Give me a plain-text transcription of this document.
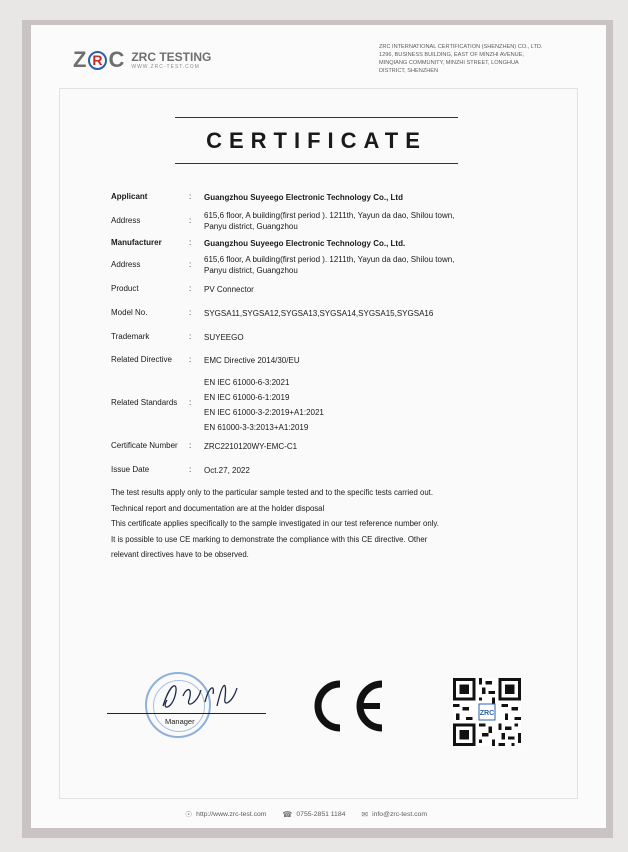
Z R C ZRC TESTING
WWW.ZRC-TEST.COM
ZRC INTERNATIONAL CERTIFICATION (SHENZHEN) CO., LTD.
1296, BUSINESS BUILDING, EAST OF MINZHI AVENUE,
MINQIANG COMMUNITY, MINZHI STREET, LONGHUA
DISTRICT, SHENZHEN
CERTIFICATE
Applicant	: Guangzhou Suyeego Electronic Technology Co., Ltd
Address	:
615,6 floor, A building(first period ). 1211th, Yayun da dao, Shilou town,
Panyu district, Guangzhou
Manufacturer	: Guangzhou Suyeego Electronic Technology Co., Ltd.
Address	:
615,6 floor, A building(first period ). 1211th, Yayun da dao, Shilou town,
Panyu district, Guangzhou
Product	: PV Connector
Model No.	: SYGSA11,SYGSA12,SYGSA13,SYGSA14,SYGSA15,SYGSA16
Trademark	: SUYEEGO
Related Directive	: EMC Directive 2014/30/EU
Related Standards	:
EN IEC 61000-6-3:2021
EN IEC 61000-6-1:2019
EN IEC 61000-3-2:2019+A1:2021
EN 61000-3-3:2013+A1:2019
Certificate Number	: ZRC2210120WY-EMC-C1
Issue Date	: Oct.27, 2022
The test results apply only to the particular sample tested and to the specific tests carried out.
Technical report and documentation are at the holder disposal
This certificate applies specifically to the sample investigated in our test reference number only.
It is possible to use CE marking to demonstrate the compliance with this CE directive. Other
relevant directives have to be observed.
Manager
ZRC
☉ http://www.zrc-test.com ☎ 0755-2851 1184 ✉ info@zrc-test.com
